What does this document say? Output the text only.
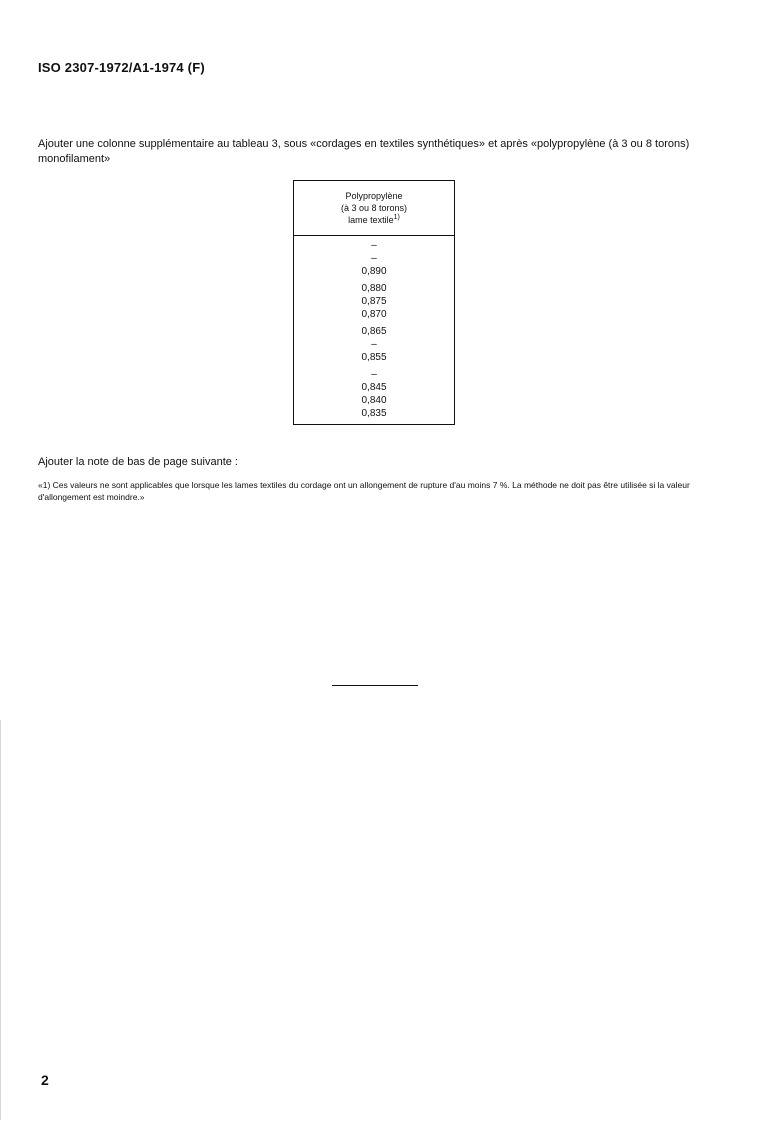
ISO 2307-1972/A1-1974 (F)
Ajouter une colonne supplémentaire au tableau 3, sous «cordages en textiles synthétiques» et après «polypropylène (à 3 ou 8 torons) monofilament»
Polypropylène
(à 3 ou 8 torons)
lame textile$^{1)}$
–
–
0,890
0,880
0,875
0,870
0,865
–
0,855
–
0,845
0,840
0,835
Ajouter la note de bas de page suivante :
«1) Ces valeurs ne sont applicables que lorsque les lames textiles du cordage ont un allongement de rupture d'au moins 7 %. La méthode ne doit pas être utilisée si la valeur d'allongement est moindre.»
2
